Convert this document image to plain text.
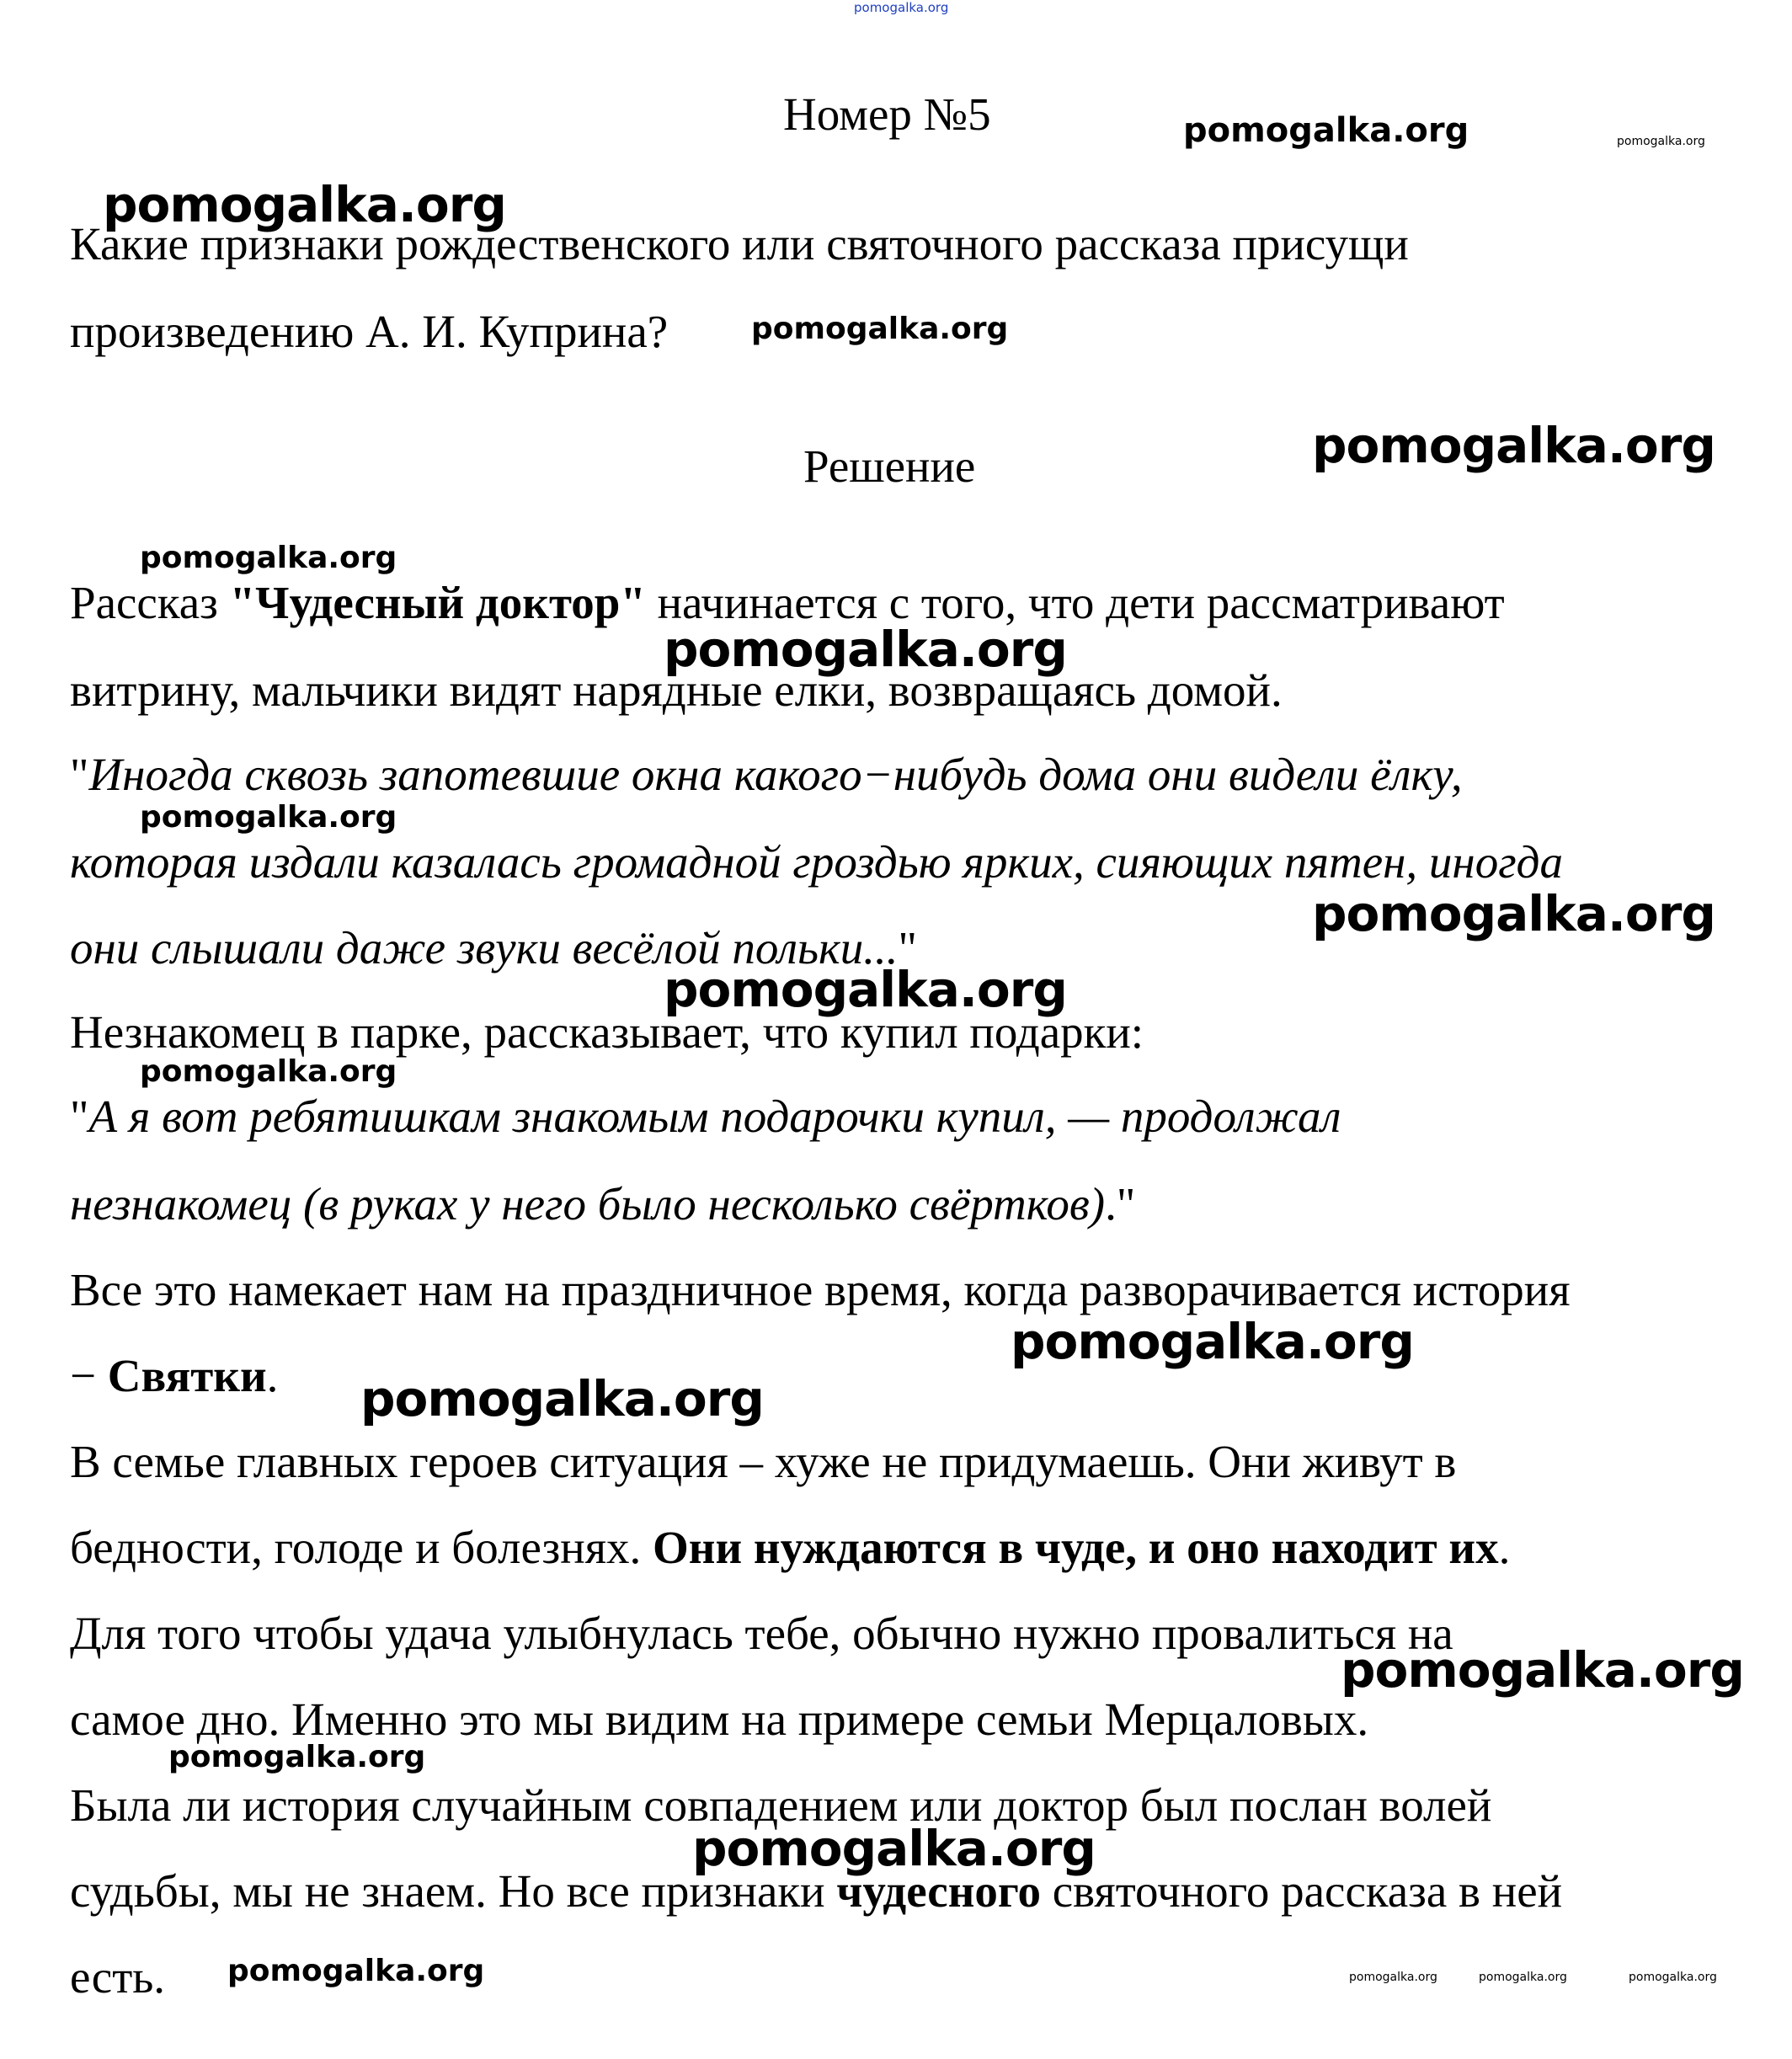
pomogalka.org

Номер №5

Какие признаки рождественского или святочного рассказа присущи

произведению А. И. Куприна?

Решение

Рассказ "Чудесный доктор" начинается с того, что дети рассматривают

витрину, мальчики видят нарядные елки, возвращаясь домой.

"Иногда сквозь запотевшие окна какого−нибудь дома они видели ёлку,

которая издали казалась громадной гроздью ярких, сияющих пятен, иногда

они слышали даже звуки весёлой польки..."

Незнакомец в парке, рассказывает, что купил подарки:

"А я вот ребятишкам знакомым подарочки купил, — продолжал

незнакомец (в руках у него было несколько свёртков)."

Все это намекает нам на праздничное время, когда разворачивается история

− Святки.

В семье главных героев ситуация – хуже не придумаешь. Они живут в

бедности, голоде и болезнях. Они нуждаются в чуде, и оно находит их.

Для того чтобы удача улыбнулась тебе, обычно нужно провалиться на

самое дно. Именно это мы видим на примере семьи Мерцаловых.

Была ли история случайным совпадением или доктор был послан волей

судьбы, мы не знаем. Но все признаки чудесного святочного рассказа в ней

есть.

pomogalka.org	pomogalka.org
pomogalka.org
pomogalka.org
pomogalka.org
pomogalka.org
pomogalka.org
pomogalka.org
pomogalka.org
pomogalka.org
pomogalka.org
pomogalka.org
pomogalka.org
pomogalka.org
pomogalka.org
pomogalka.org
pomogalka.org	pomogalka.org	pomogalka.org	pomogalka.org
